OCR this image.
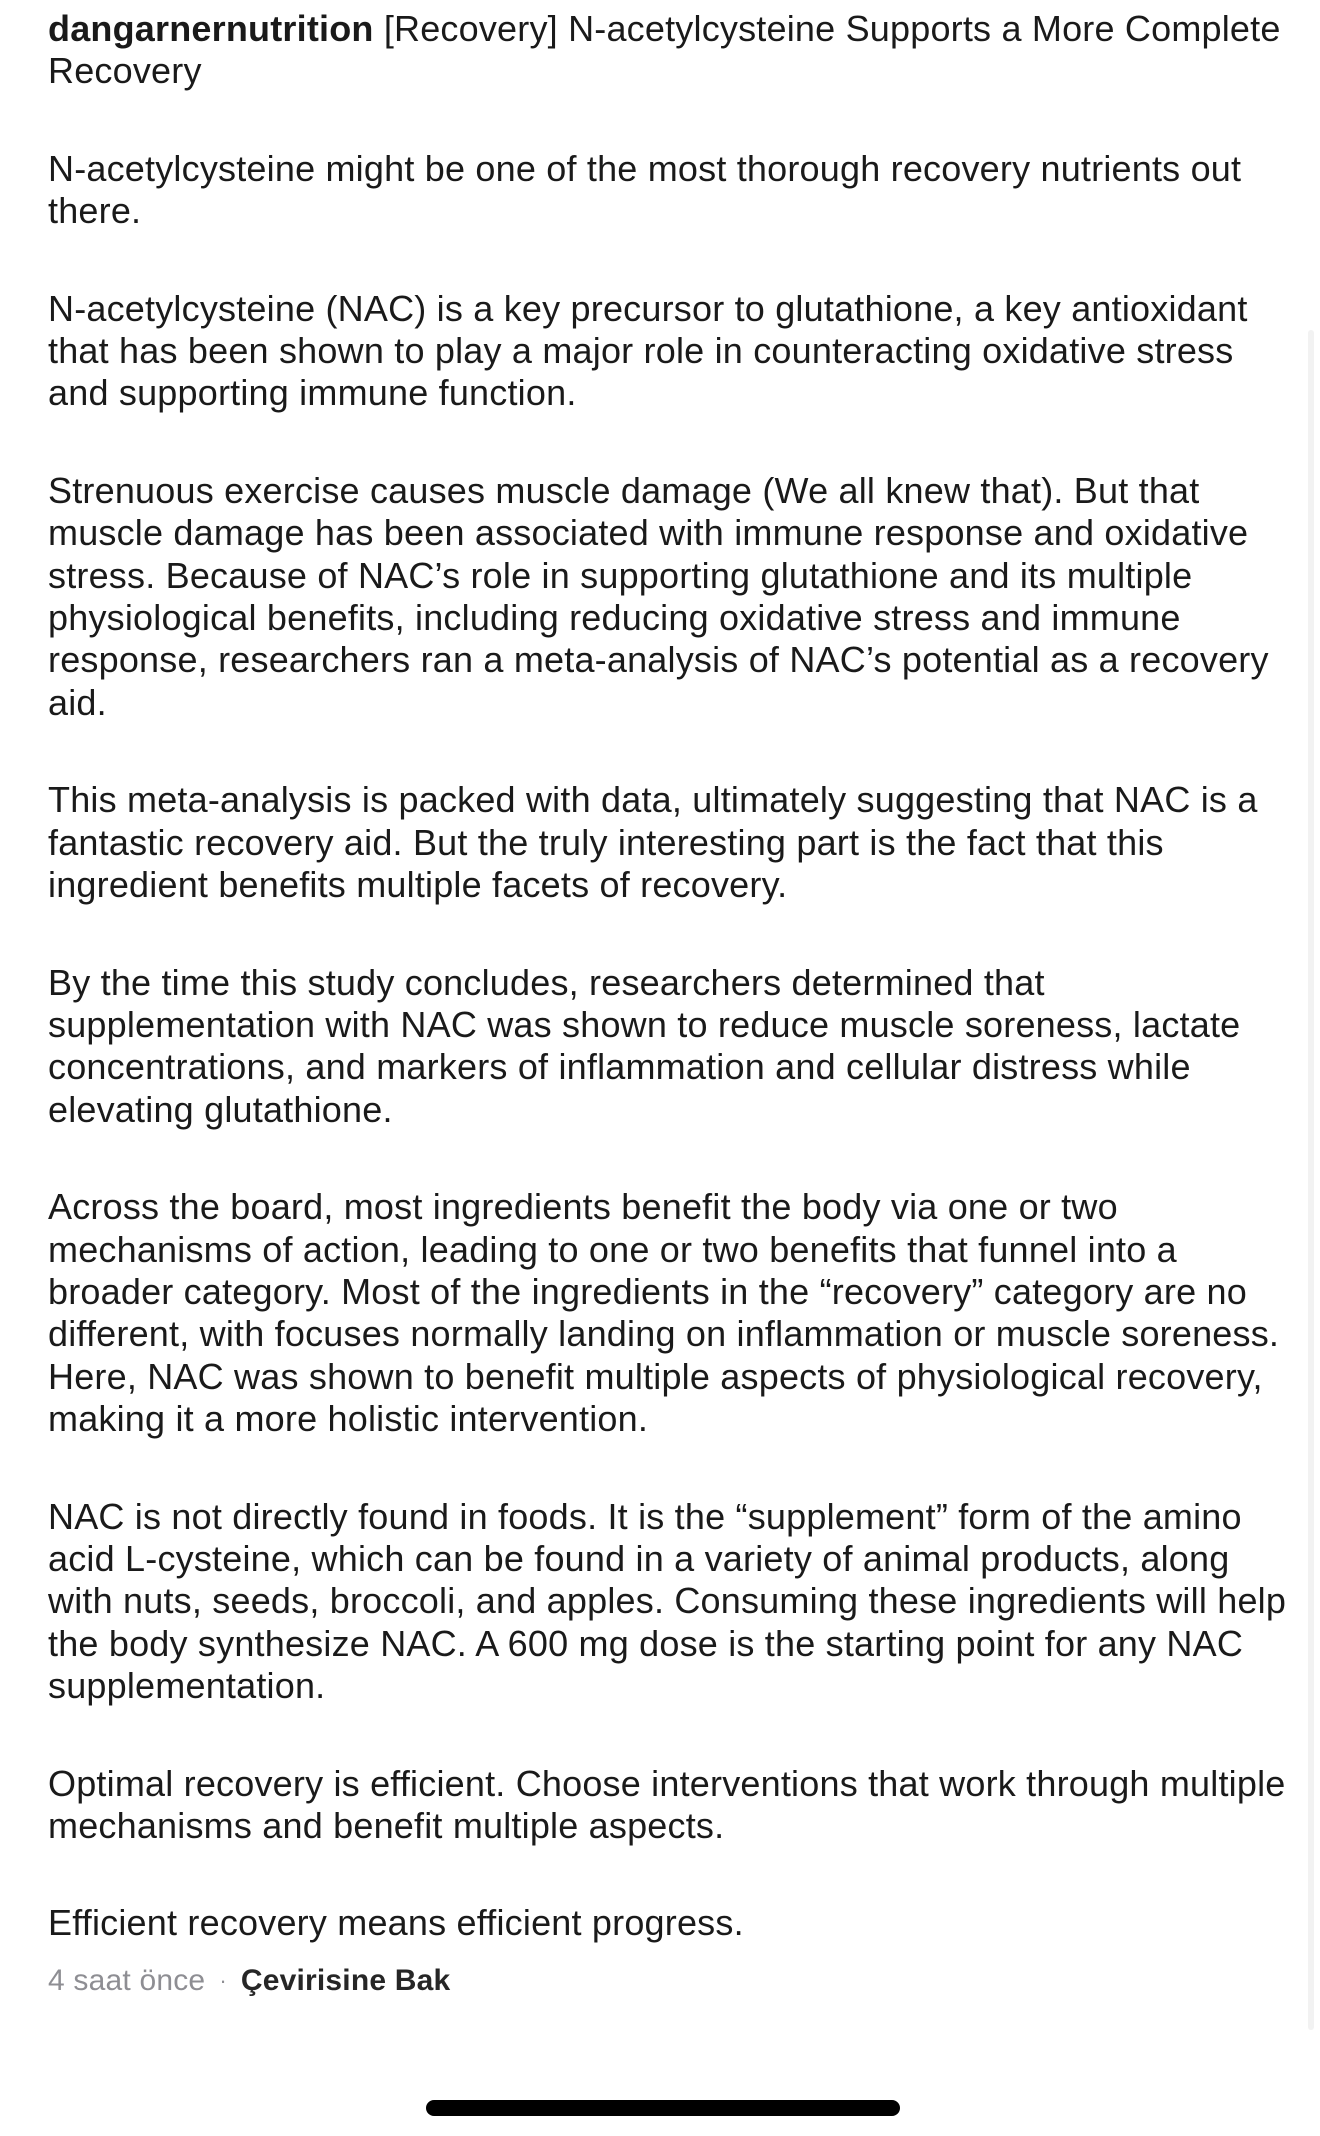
dangarnernutrition [Recovery] N-acetylcysteine Supports a More Complete Recovery

N-acetylcysteine might be one of the most thorough recovery nutrients out there.

N-acetylcysteine (NAC) is a key precursor to glutathione, a key antioxidant that has been shown to play a major role in counteracting oxidative stress and supporting immune function.

Strenuous exercise causes muscle damage (We all knew that). But that muscle damage has been associated with immune response and oxidative stress. Because of NAC’s role in supporting glutathione and its multiple physiological benefits, including reducing oxidative stress and immune response, researchers ran a meta-analysis of NAC’s potential as a recovery aid.

This meta-analysis is packed with data, ultimately suggesting that NAC is a fantastic recovery aid. But the truly interesting part is the fact that this ingredient benefits multiple facets of recovery.

By the time this study concludes, researchers determined that supplementation with NAC was shown to reduce muscle soreness, lactate concentrations, and markers of inflammation and cellular distress while elevating glutathione.

Across the board, most ingredients benefit the body via one or two mechanisms of action, leading to one or two benefits that funnel into a broader category. Most of the ingredients in the “recovery” category are no different, with focuses normally landing on inflammation or muscle soreness. Here, NAC was shown to benefit multiple aspects of physiological recovery, making it a more holistic intervention.

NAC is not directly found in foods. It is the “supplement” form of the amino acid L-cysteine, which can be found in a variety of animal products, along with nuts, seeds, broccoli, and apples. Consuming these ingredients will help the body synthesize NAC. A 600 mg dose is the starting point for any NAC supplementation.

Optimal recovery is efficient. Choose interventions that work through multiple mechanisms and benefit multiple aspects.

Efficient recovery means efficient progress.

4 saat önce · Çevirisine Bak
